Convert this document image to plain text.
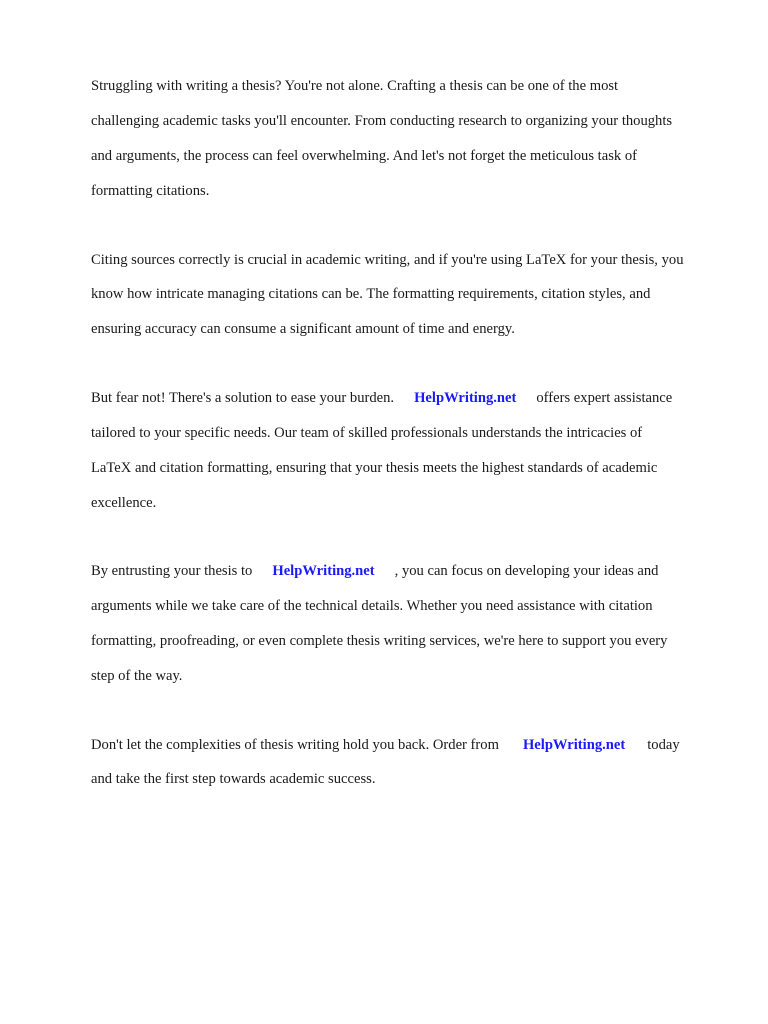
Struggling with writing a thesis? You're not alone. Crafting a thesis can be one of the most

challenging academic tasks you'll encounter. From conducting research to organizing your thoughts

and arguments, the process can feel overwhelming. And let's not forget the meticulous task of

formatting citations.

Citing sources correctly is crucial in academic writing, and if you're using LaTeX for your thesis, you

know how intricate managing citations can be. The formatting requirements, citation styles, and

ensuring accuracy can consume a significant amount of time and energy.

But fear not! There's a solution to ease your burden. HelpWriting.net offers expert assistance

tailored to your specific needs. Our team of skilled professionals understands the intricacies of

LaTeX and citation formatting, ensuring that your thesis meets the highest standards of academic

excellence.

By entrusting your thesis to HelpWriting.net , you can focus on developing your ideas and

arguments while we take care of the technical details. Whether you need assistance with citation

formatting, proofreading, or even complete thesis writing services, we're here to support you every

step of the way.

Don't let the complexities of thesis writing hold you back. Order from HelpWriting.net today

and take the first step towards academic success.
